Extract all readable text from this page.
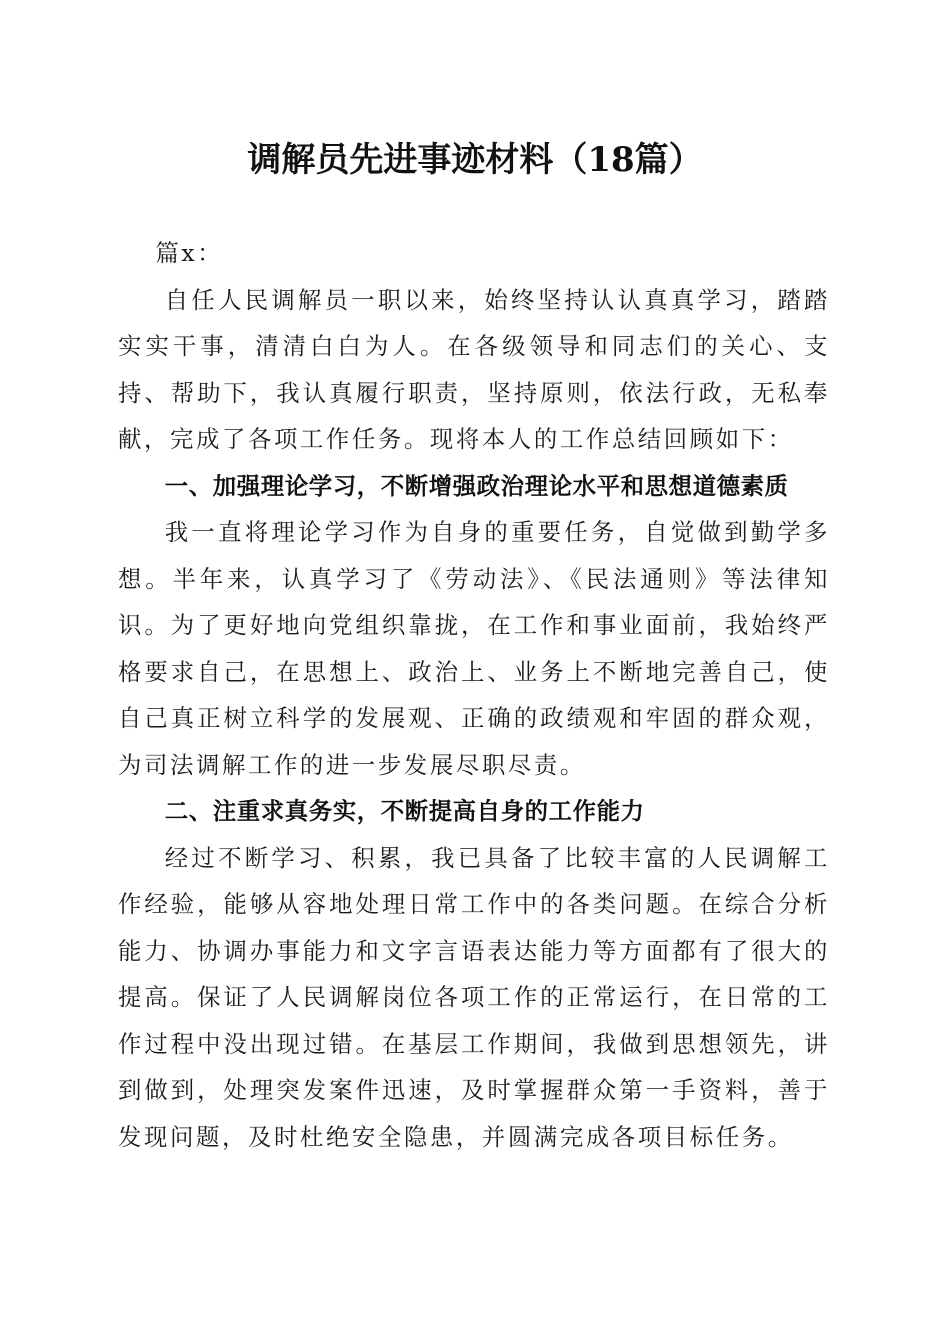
调解员先进事迹材料（18篇）

篇x：

自任人民调解员一职以来，始终坚持认认真真学习，踏踏实实干事，清清白白为人。在各级领导和同志们的关心、支持、帮助下，我认真履行职责，坚持原则，依法行政，无私奉献，完成了各项工作任务。现将本人的工作总结回顾如下：

一、加强理论学习，不断增强政治理论水平和思想道德素质

我一直将理论学习作为自身的重要任务，自觉做到勤学多想。半年来，认真学习了《劳动法》、《民法通则》等法律知识。为了更好地向党组织靠拢，在工作和事业面前，我始终严格要求自己，在思想上、政治上、业务上不断地完善自己，使自己真正树立科学的发展观、正确的政绩观和牢固的群众观，为司法调解工作的进一步发展尽职尽责。

二、注重求真务实，不断提高自身的工作能力

经过不断学习、积累，我已具备了比较丰富的人民调解工作经验，能够从容地处理日常工作中的各类问题。在综合分析能力、协调办事能力和文字言语表达能力等方面都有了很大的提高。保证了人民调解岗位各项工作的正常运行，在日常的工作过程中没出现过错。在基层工作期间，我做到思想领先，讲到做到，处理突发案件迅速，及时掌握群众第一手资料，善于发现问题，及时杜绝安全隐患，并圆满完成各项目标任务。
